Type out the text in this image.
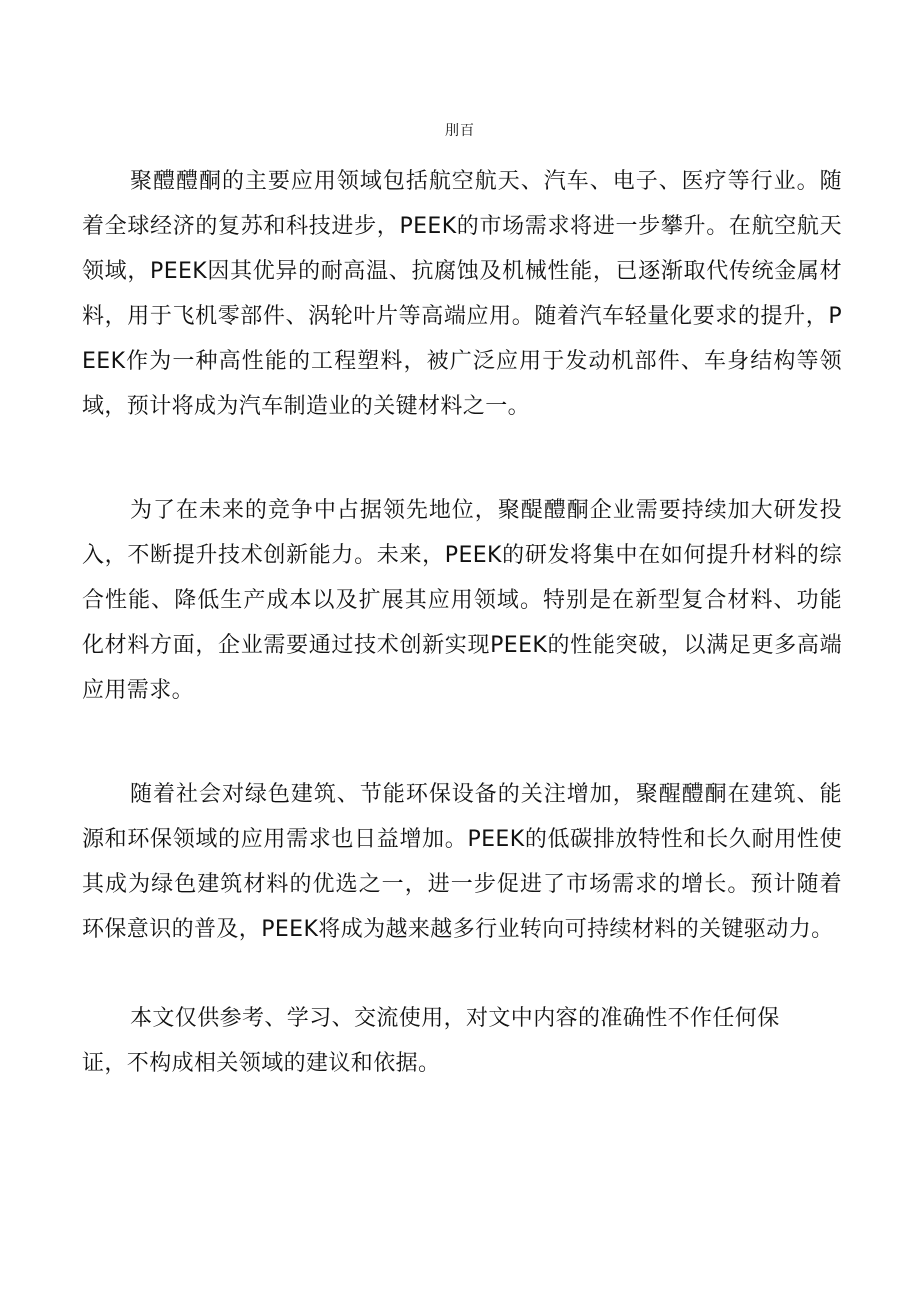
刖百

聚醴醴酮的主要应用领域包括航空航天、汽车、电子、医疗等行业。随着全球经济的复苏和科技进步，PEEK的市场需求将进一步攀升。在航空航天领域，PEEK因其优异的耐高温、抗腐蚀及机械性能，已逐渐取代传统金属材料，用于飞机零部件、涡轮叶片等高端应用。随着汽车轻量化要求的提升，PEEK作为一种高性能的工程塑料，被广泛应用于发动机部件、车身结构等领域，预计将成为汽车制造业的关键材料之一。

为了在未来的竞争中占据领先地位，聚醍醴酮企业需要持续加大研发投入，不断提升技术创新能力。未来，PEEK的研发将集中在如何提升材料的综合性能、降低生产成本以及扩展其应用领域。特别是在新型复合材料、功能化材料方面，企业需要通过技术创新实现PEEK的性能突破，以满足更多高端应用需求。

随着社会对绿色建筑、节能环保设备的关注增加，聚醒醴酮在建筑、能源和环保领域的应用需求也日益增加。PEEK的低碳排放特性和长久耐用性使其成为绿色建筑材料的优选之一，进一步促进了市场需求的增长。预计随着环保意识的普及，PEEK将成为越来越多行业转向可持续材料的关键驱动力。

本文仅供参考、学习、交流使用，对文中内容的准确性不作任何保证，不构成相关领域的建议和依据。
